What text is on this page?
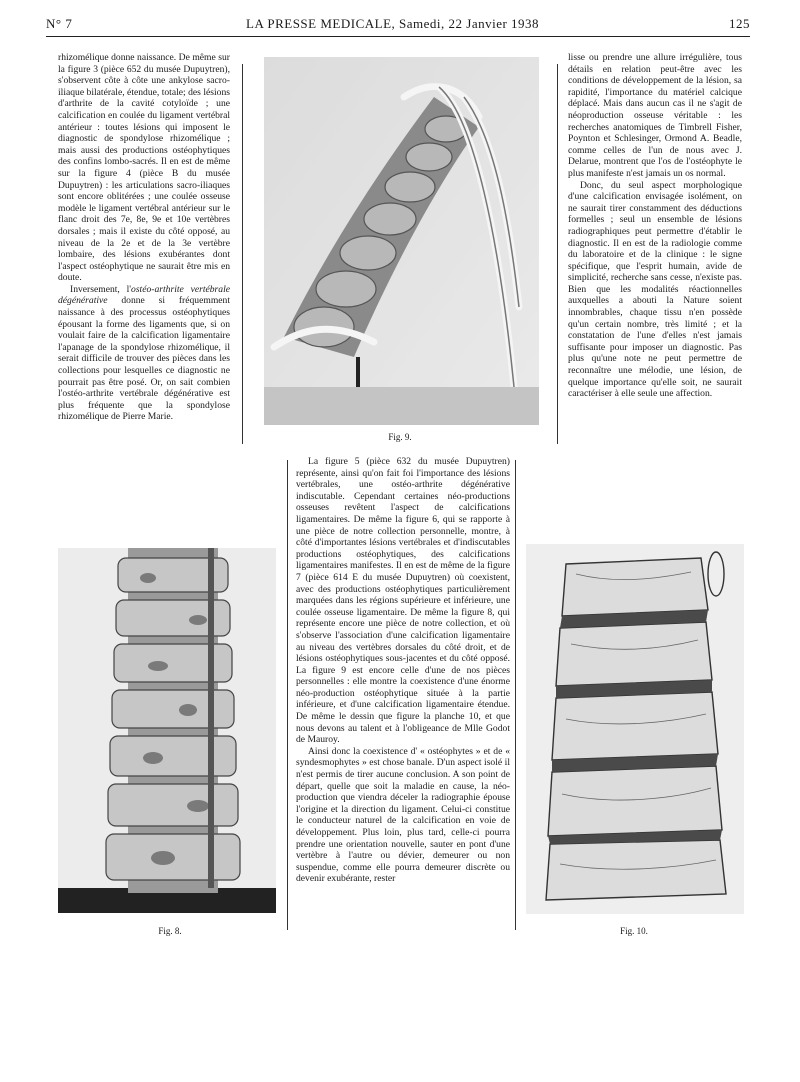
N° 7	LA PRESSE MEDICALE, Samedi, 22 Janvier 1938	125

rhizomélique donne naissance. De même sur la figure 3 (pièce 652 du musée Dupuytren), s'observent côte à côte une ankylose sacro-iliaque bilatérale, étendue, totale; des lésions d'arthrite de la cavité cotyloïde ; une calcification en coulée du ligament vertébral antérieur : toutes lésions qui imposent le diagnostic de spondylose rhizomélique ; mais aussi des productions ostéophytiques des confins lombo-sacrés. Il en est de même sur la figure 4 (pièce B du musée Dupuytren) : les articulations sacro-iliaques sont encore oblitérées ; une coulée osseuse modèle le ligament vertébral antérieur sur le flanc droit des 7e, 8e, 9e et 10e vertèbres dorsales ; mais il existe du côté opposé, au niveau de la 2e et de la 3e vertèbre lombaire, des lésions exubérantes dont l'aspect ostéophytique ne saurait être mis en doute.

Inversement, l'ostéo-arthrite vertébrale dégénérative donne si fréquemment naissance à des processus ostéophytiques épousant la forme des ligaments que, si on voulait faire de la calcification ligamentaire l'apanage de la spondylose rhizomélique, il serait difficile de trouver des pièces dans les collections pour lesquelles ce diagnostic ne pourrait pas être posé. Or, on sait combien l'ostéo-arthrite vertébrale dégénérative est plus fréquente que la spondylose rhizomélique de Pierre Marie.

Fig. 9.
Fig. 8.

La figure 5 (pièce 632 du musée Dupuytren) représente, ainsi qu'on fait foi l'importance des lésions vertébrales, une ostéo-arthrite dégénérative indiscutable. Cependant certaines néo-productions osseuses revêtent l'aspect de calcifications ligamentaires. De même la figure 6, qui se rapporte à une pièce de notre collection personnelle, montre, à côté d'importantes lésions vertébrales et d'indiscutables productions ostéophytiques, des calcifications ligamentaires manifestes. Il en est de même de la figure 7 (pièce 614 E du musée Dupuytren) où coexistent, avec des productions ostéophytiques particulièrement marquées dans les régions supérieure et inférieure, une coulée osseuse ligamentaire. De même la figure 8, qui représente encore une pièce de notre collection, et où s'observe l'association d'une calcification ligamentaire au niveau des vertèbres dorsales du côté droit, et de lésions ostéophytiques sous-jacentes et du côté opposé. La figure 9 est encore celle d'une de nos pièces personnelles : elle montre la coexistence d'une énorme néo-production ostéophytique située à la partie inférieure, et d'une calcification ligamentaire étendue. De même le dessin que figure la planche 10, et que nous devons au talent et à l'obligeance de Mlle Godot de Mauroy.

Ainsi donc la coexistence d' « ostéophytes » et de « syndesmophytes » est chose banale. D'un aspect isolé il n'est permis de tirer aucune conclusion. A son point de départ, quelle que soit la maladie en cause, la néo-production que viendra déceler la radiographie épouse l'origine et la direction du ligament. Celui-ci constitue le conducteur naturel de la calcification en voie de développement. Plus loin, plus tard, celle-ci pourra prendre une orientation nouvelle, sauter en pont d'une vertèbre à l'autre ou dévier, demeurer ou non suspendue, comme elle pourra demeurer discrète ou devenir exubérante, rester

lisse ou prendre une allure irrégulière, tous détails en relation peut-être avec les conditions de développement de la lésion, sa rapidité, l'importance du matériel calcique déplacé. Mais dans aucun cas il ne s'agit de néoproduction osseuse véritable : les recherches anatomiques de Timbrell Fisher, Poynton et Schlesinger, Ormond A. Beadle, comme celles de l'un de nous avec J. Delarue, montrent que l'os de l'ostéophyte le plus manifeste n'est jamais un os normal.

Donc, du seul aspect morphologique d'une calcification envisagée isolément, on ne saurait tirer constamment des déductions formelles ; seul un ensemble de lésions radiographiques peut permettre d'établir le diagnostic. Il en est de la radiologie comme du laboratoire et de la clinique : le signe spécifique, que l'esprit humain, avide de simplicité, recherche sans cesse, n'existe pas. Bien que les modalités réactionnelles auxquelles a abouti la Nature soient innombrables, chaque tissu n'en possède qu'un certain nombre, très limité ; et la constatation de l'une d'elles n'est jamais suffisante pour imposer un diagnostic. Pas plus qu'une note ne peut permettre de reconnaître une mélodie, une lésion, de quelque importance qu'elle soit, ne saurait caractériser à elle seule une affection.

Fig. 10.
